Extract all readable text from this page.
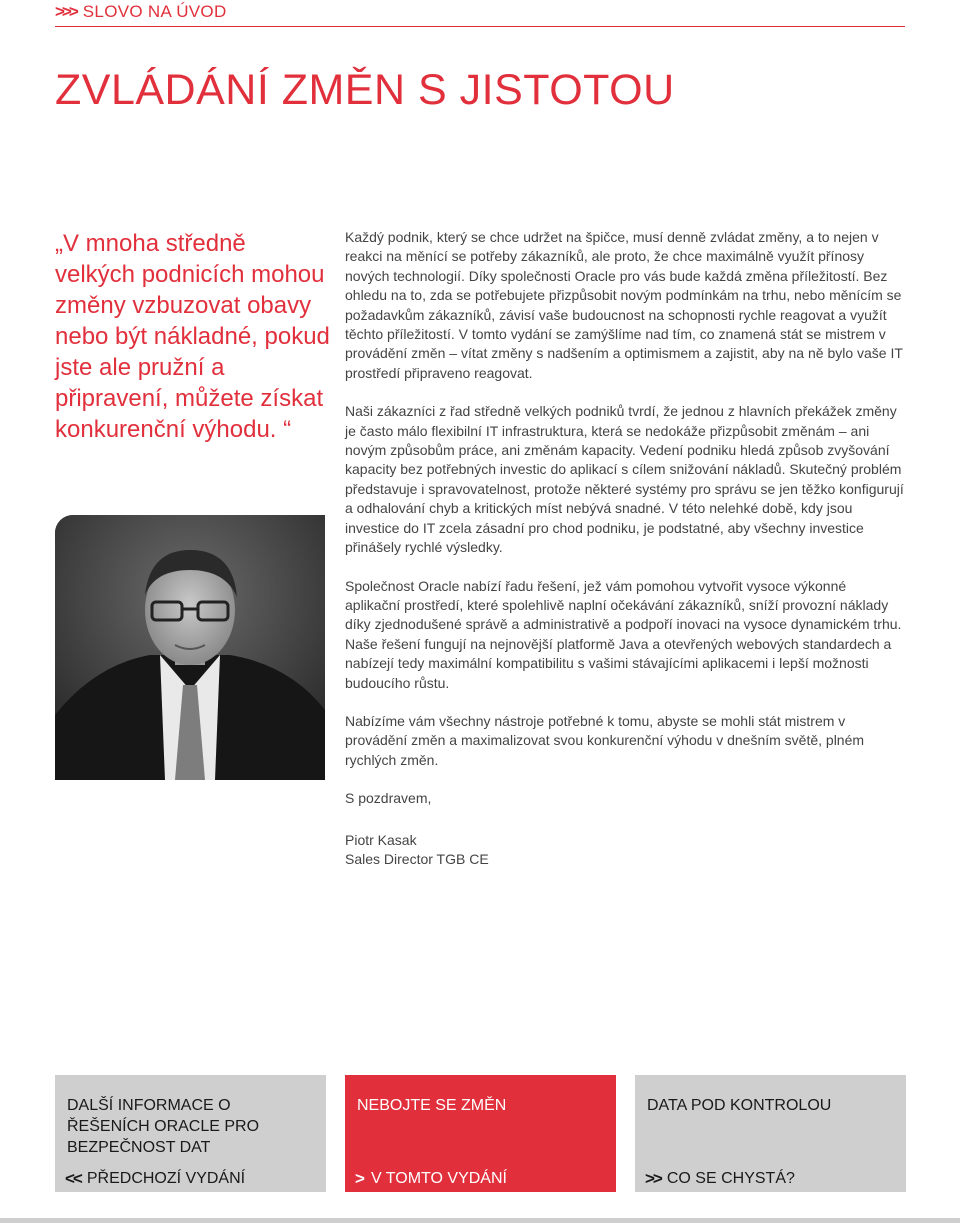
>>> SLOVO NA ÚVOD
ZVLÁDÁNÍ ZMĚN S JISTOTOU
„V mnoha středně velkých podnicích mohou změny vzbuzovat obavy nebo být nákladné, pokud jste ale pružní a připravení, můžete získat konkurenční výhodu. “

Každý podnik, který se chce udržet na špičce, musí denně zvládat změny, a to nejen v reakci na měnící se potřeby zákazníků, ale proto, že chce maximálně využít přínosy nových technologií. Díky společnosti Oracle pro vás bude každá změna příležitostí. Bez ohledu na to, zda se potřebujete přizpůsobit novým podmínkám na trhu, nebo měnícím se požadavkům zákazníků, závisí vaše budoucnost na schopnosti rychle reagovat a využít těchto příležitostí. V tomto vydání se zamýšlíme nad tím, co znamená stát se mistrem v provádění změn – vítat změny s nadšením a optimismem a zajistit, aby na ně bylo vaše IT prostředí připraveno reagovat.

Naši zákazníci z řad středně velkých podniků tvrdí, že jednou z hlavních překážek změny je často málo flexibilní IT infrastruktura, která se nedokáže přizpůsobit změnám – ani novým způsobům práce, ani změnám kapacity. Vedení podniku hledá způsob zvyšování kapacity bez potřebných investic do aplikací s cílem snižování nákladů. Skutečný problém představuje i spravovatelnost, protože některé systémy pro správu se jen těžko konfigurují a odhalování chyb a kritických míst nebývá snadné. V této nelehké době, kdy jsou investice do IT zcela zásadní pro chod podniku, je podstatné, aby všechny investice přinášely rychlé výsledky.

Společnost Oracle nabízí řadu řešení, jež vám pomohou vytvořit vysoce výkonné aplikační prostředí, které spolehlivě naplní očekávání zákazníků, sníží provozní náklady díky zjednodušené správě a administrativě a podpoří inovaci na vysoce dynamickém trhu. Naše řešení fungují na nejnovější platformě Java a otevřených webových standardech a nabízejí tedy maximální kompatibilitu s vašimi stávajícími aplikacemi i lepší možnosti budoucího růstu.

Nabízíme vám všechny nástroje potřebné k tomu, abyste se mohli stát mistrem v provádění změn a maximalizovat svou konkurenční výhodu v dnešním světě, plném rychlých změn.

S pozdravem,

Piotr Kasak

Sales Director TGB CE

DALŠÍ INFORMACE O ŘEŠENÍCH ORACLE PRO BEZPEČNOST DAT
<< PŘEDCHOZÍ VYDÁNÍ
NEBOJTE SE ZMĚN
> V TOMTO VYDÁNÍ
DATA POD KONTROLOU
>> CO SE CHYSTÁ?
